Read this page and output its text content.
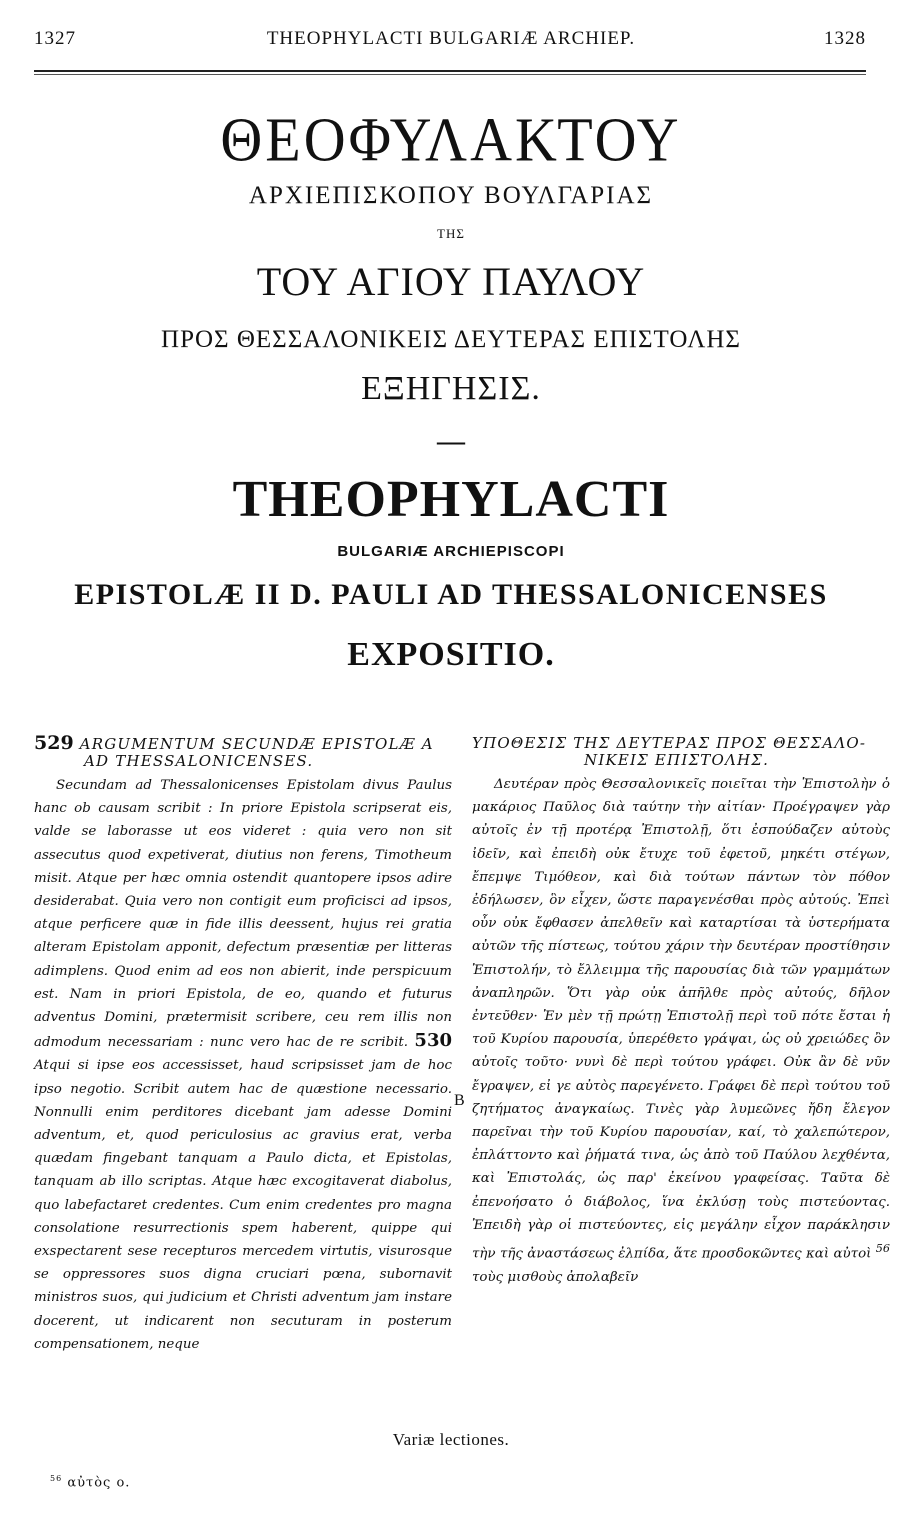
1327	THEOPHYLACTI BULGARIÆ ARCHIEP.	1328
ΘΕΟΦΥΛΑΚΤΟΥ
ΑΡΧΙΕΠΙΣΚΟΠΟΥ ΒΟΥΛΓΑΡΙΑΣ
ΤΗΣ
ΤΟΥ ΑΓΙΟΥ ΠΑΥΛΟΥ
ΠΡΟΣ ΘΕΣΣΑΛΟΝΙΚΕΙΣ ΔΕΥΤΕΡΑΣ ΕΠΙΣΤΟΛΗΣ
ΕΞΗΓΗΣΙΣ.
—
THEOPHYLACTI
BULGARIÆ ARCHIEPISCOPI
EPISTOLÆ II D. PAULI AD THESSALONICENSES
EXPOSITIO.

529 ARGUMENTUM SECUNDÆ EPISTOLÆ A
AD THESSALONICENSES.

Secundam ad Thessalonicenses Epistolam divus Paulus hanc ob causam scribit : In priore Epistola scripserat eis, valde se laborasse ut eos videret : quia vero non sit assecutus quod expetiverat, diutius non ferens, Timotheum misit. Atque per hæc omnia ostendit quantopere ipsos adire desiderabat. Quia vero non contigit eum proficisci ad ipsos, atque perficere quæ in fide illis deessent, hujus rei gratia alteram Epistolam apponit, defectum præsentiæ per litteras adimplens. Quod enim ad eos non abierit, inde perspicuum est. Nam in priori Epistola, de eo, quando et futurus adventus Domini, prætermisit scribere, ceu rem illis non admodum necessariam : nunc vero hac de re scribit. 530 Atqui si ipse eos accessisset, haud scripsisset jam de hoc ipso negotio. Scribit autem hac de quæstione necessario. Nonnulli enim perditores dicebant jam adesse Domini adventum, et, quod periculosius ac gravius erat, verba quædam fingebant tanquam a Paulo dicta, et Epistolas, tanquam ab illo scriptas. Atque hæc excogitaverat diabolus, quo labefactaret credentes. Cum enim credentes pro magna consolatione resurrectionis spem haberent, quippe qui exspectarent sese recepturos mercedem virtutis, visurosque se oppressores suos digna cruciari pœna, subornavit ministros suos, qui judicium et Christi adventum jam instare docerent, ut indicarent non secuturam in posterum compensationem, neque

B

ΥΠΟΘΕΣΙΣ ΤΗΣ ΔΕΥΤΕΡΑΣ ΠΡΟΣ ΘΕΣΣΑΛΟ-
ΝΙΚΕΙΣ ΕΠΙΣΤΟΛΗΣ.

Δευτέραν πρὸς Θεσσαλονικεῖς ποιεῖται τὴν Ἐπιστολὴν ὁ μακάριος Παῦλος διὰ ταύτην τὴν αἰτίαν· Προέγραψεν γὰρ αὐτοῖς ἐν τῇ προτέρᾳ Ἐπιστολῇ, ὅτι ἐσπούδαζεν αὐτοὺς ἰδεῖν, καὶ ἐπειδὴ οὐκ ἔτυχε τοῦ ἐφετοῦ, μηκέτι στέγων, ἔπεμψε Τιμόθεον, καὶ διὰ τούτων πάντων τὸν πόθον ἐδήλωσεν, ὃν εἶχεν, ὥστε παραγενέσθαι πρὸς αὐτούς. Ἐπεὶ οὖν οὐκ ἔφθασεν ἀπελθεῖν καὶ καταρτίσαι τὰ ὑστερήματα αὐτῶν τῆς πίστεως, τούτου χάριν τὴν δευτέραν προστίθησιν Ἐπιστολήν, τὸ ἔλλειμμα τῆς παρουσίας διὰ τῶν γραμμάτων ἀναπληρῶν. Ὅτι γὰρ οὐκ ἀπῆλθε πρὸς αὐτούς, δῆλον ἐντεῦθεν· Ἐν μὲν τῇ πρώτῃ Ἐπιστολῇ περὶ τοῦ πότε ἔσται ἡ τοῦ Κυρίου παρουσία, ὑπερέθετο γράψαι, ὡς οὐ χρειώδες ὂν αὐτοῖς τοῦτο· νυνὶ δὲ περὶ τούτου γράφει. Οὐκ ἂν δὲ νῦν ἔγραψεν, εἰ γε αὐτὸς παρεγένετο. Γράφει δὲ περὶ τούτου τοῦ ζητήματος ἀναγκαίως. Τινὲς γὰρ λυμεῶνες ἤδη ἔλεγον παρεῖναι τὴν τοῦ Κυρίου παρουσίαν, καί, τὸ χαλεπώτερον, ἐπλάττοντο καὶ ῥήματά τινα, ὡς ἀπὸ τοῦ Παύλου λεχθέντα, καὶ Ἐπιστολάς, ὡς παρ' ἐκείνου γραφείσας. Ταῦτα δὲ ἐπενοήσατο ὁ διάβολος, ἵνα ἐκλύσῃ τοὺς πιστεύοντας. Ἐπειδὴ γὰρ οἱ πιστεύοντες, εἰς μεγάλην εἶχον παράκλησιν τὴν τῆς ἀναστάσεως ἐλπίδα, ἅτε προσδοκῶντες καὶ αὐτοὶ $^{56}$ τοὺς μισθοὺς ἀπολαβεῖν

Variæ lectiones.
$^{56}$ αὐτὸς ο.
